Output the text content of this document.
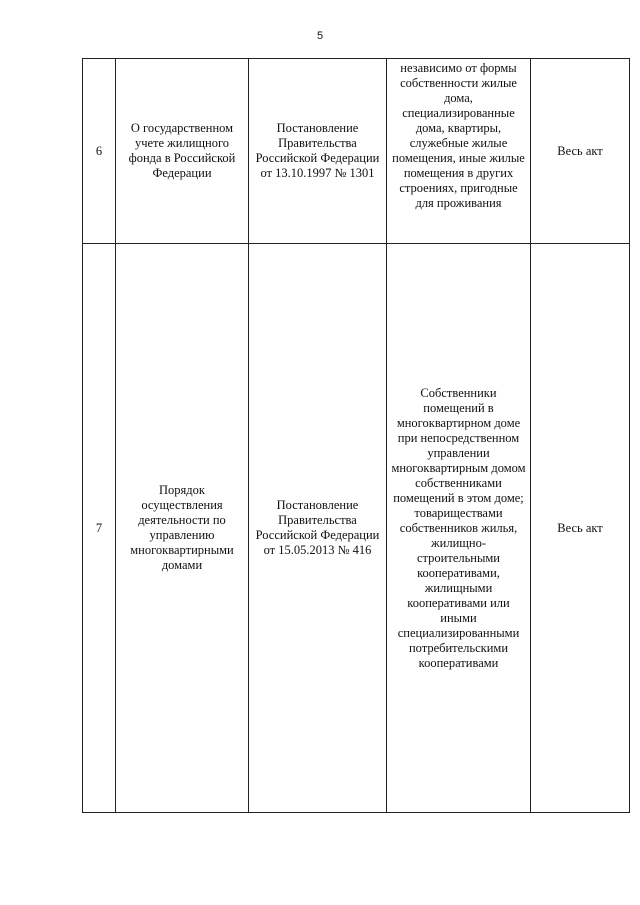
5
6	О государственном учете жилищного фонда в Российской Федерации	Постановление Правительства Российской Федерации от 13.10.1997 № 1301	независимо от формы собственности жилые дома, специализированные дома, квартиры, служебные жилые помещения, иные жилые помещения в других строениях, пригодные для проживания	Весь акт
7	Порядок осуществления деятельности по управлению многоквартирными домами	Постановление Правительства Российской Федерации от 15.05.2013 № 416	Собственники помещений в многоквартирном доме при непосредственном управлении многоквартирным домом собственниками помещений в этом доме; товариществами собственников жилья, жилищно-строительными кооперативами, жилищными кооперативами или иными специализированными потребительскими кооперативами	Весь акт
